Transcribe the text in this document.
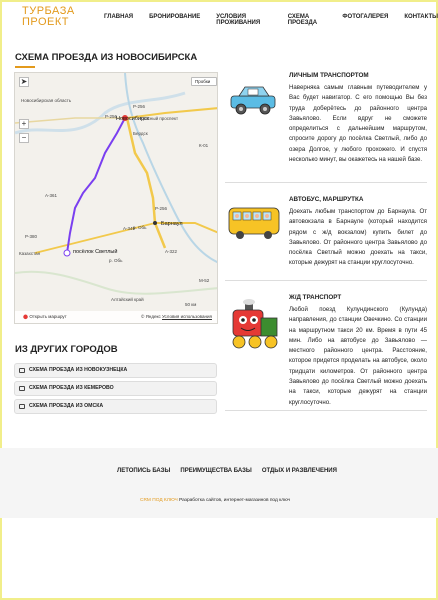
ТУРБАЗА
ПРОЕКТ	ГЛАВНАЯ	БРОНИРОВАНИЕ	УСЛОВИЯ ПРОЖИВАНИЯ
СХЕМА ПРОЕЗДА
ФОТОГАЛЕРЕЯ	КОНТАКТЫ
СХЕМА ПРОЕЗДА ИЗ НОВОСИБИРСКА
Пробки
➤
+
−
Новосибирская область
Новосибирск
Красный проспект
Бердск
Барнаул
посёлок Светлый
Казахстан
Алтайский край
р. Обь
р. Обь
Р-256
Р-256
Р-256
А-322
Р-380
А-349
К-01
А-361
М-52
50 км
⬤ Открыть маршрут	© Яндекс Условия использования
ЛИЧНЫМ ТРАНСПОРТОМ

Наверняка самым главным путеводителем у Вас будет навигатор. С его помощью Вы без труда доберётесь до районного центра Завьялово. Если вдруг не сможете определиться с дальнейшим маршрутом, спросите дорогу до посёлка Светлый, либо до озера Долгое, у любого прохожего. И спустя несколько минут, вы окажетесь на нашей базе.

АВТОБУС, МАРШРУТКА

Доехать любым транспортом до Барнаула. От автовокзала в Барнауле (который находится рядом с ж/д вокзалом) купить билет до Завьялово. От районного центра Завьялово до посёлка Светлый можно доехать на такси, которые дежурят на станции круглосуточно.

Ж/Д ТРАНСПОРТ

Любой поезд Кулундинского (Кулунда) направления, до станции Овечкино. Со станции на маршрутном такси 20 км. Время в пути 45 мин. Либо на автобусе до Завьялово — местного районного центра. Расстояние, которое придется проделать на автобусе, около тридцати километров. От районного центра Завьялово до посёлка Светлый можно доехать на такси, которые дежурят на станции круглосуточно.

ИЗ ДРУГИХ ГОРОДОВ
СХЕМА ПРОЕЗДА ИЗ НОВОКУЗНЕЦКА
СХЕМА ПРОЕЗДА ИЗ КЕМЕРОВО
СХЕМА ПРОЕЗДА ИЗ ОМСКА
ЛЕТОПИСЬ БАЗЫ ПРЕИМУЩЕСТВА БАЗЫ ОТДЫХ И РАЗВЛЕЧЕНИЯ
CRM ПОД КЛЮЧ Разработка сайтов, интернет-магазинов под ключ
